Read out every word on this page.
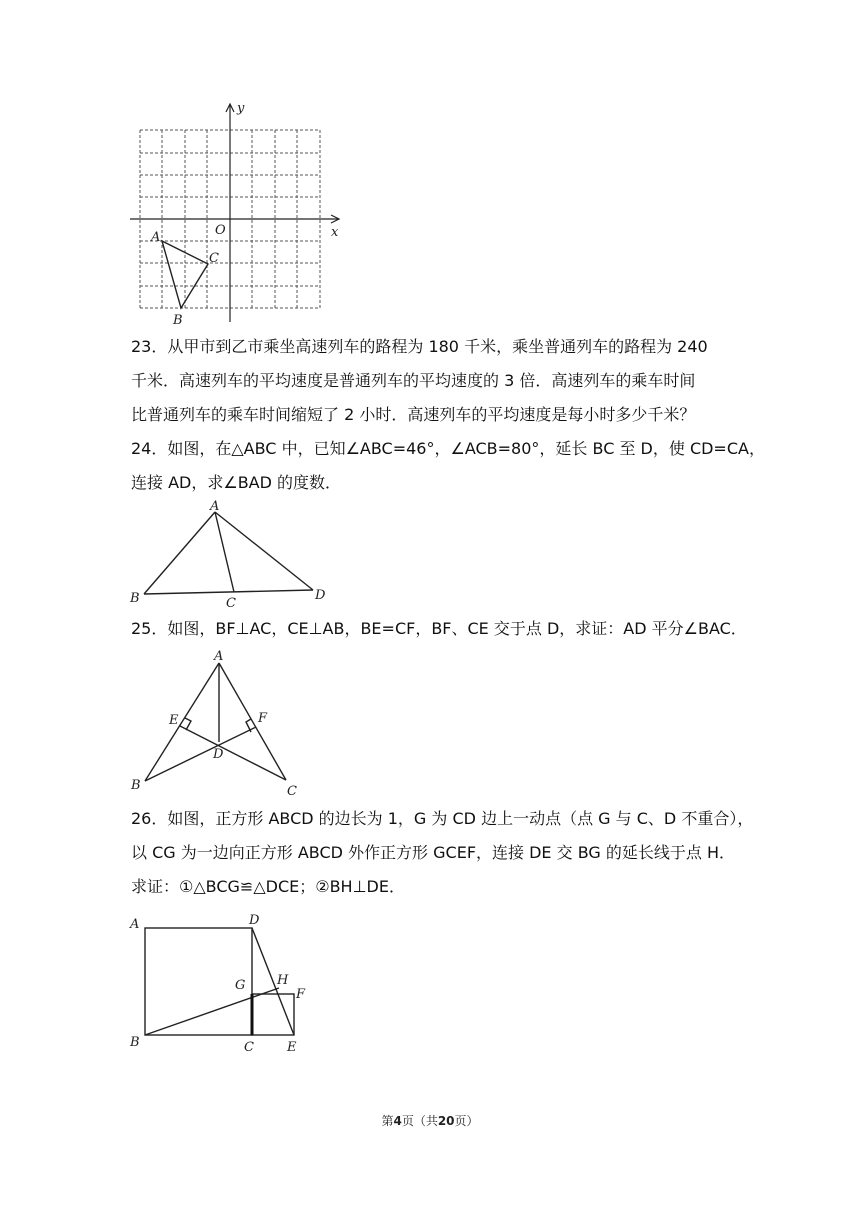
y
x
O
A
C
B

23．从甲市到乙市乘坐高速列车的路程为 180 千米，乘坐普通列车的路程为 240

千米．高速列车的平均速度是普通列车的平均速度的 3 倍．高速列车的乘车时间

比普通列车的乘车时间缩短了 2 小时．高速列车的平均速度是每小时多少千米？

24．如图，在△ABC 中，已知∠ABC=46°，∠ACB=80°，延长 BC 至 D，使 CD=CA，

连接 AD，求∠BAD 的度数．

A
B	C
D

25．如图，BF⊥AC，CE⊥AB，BE=CF，BF、CE 交于点 D，求证：AD 平分∠BAC．

A
E	F
D
B	C

26．如图，正方形 ABCD 的边长为 1，G 为 CD 边上一动点（点 G 与 C、D 不重合），

以 CG 为一边向正方形 ABCD 外作正方形 GCEF，连接 DE 交 BG 的延长线于点 H．

求证：①△BCG≌△DCE；②BH⊥DE．

A	D
H
G
F
B	C	E
第4页（共20页）
